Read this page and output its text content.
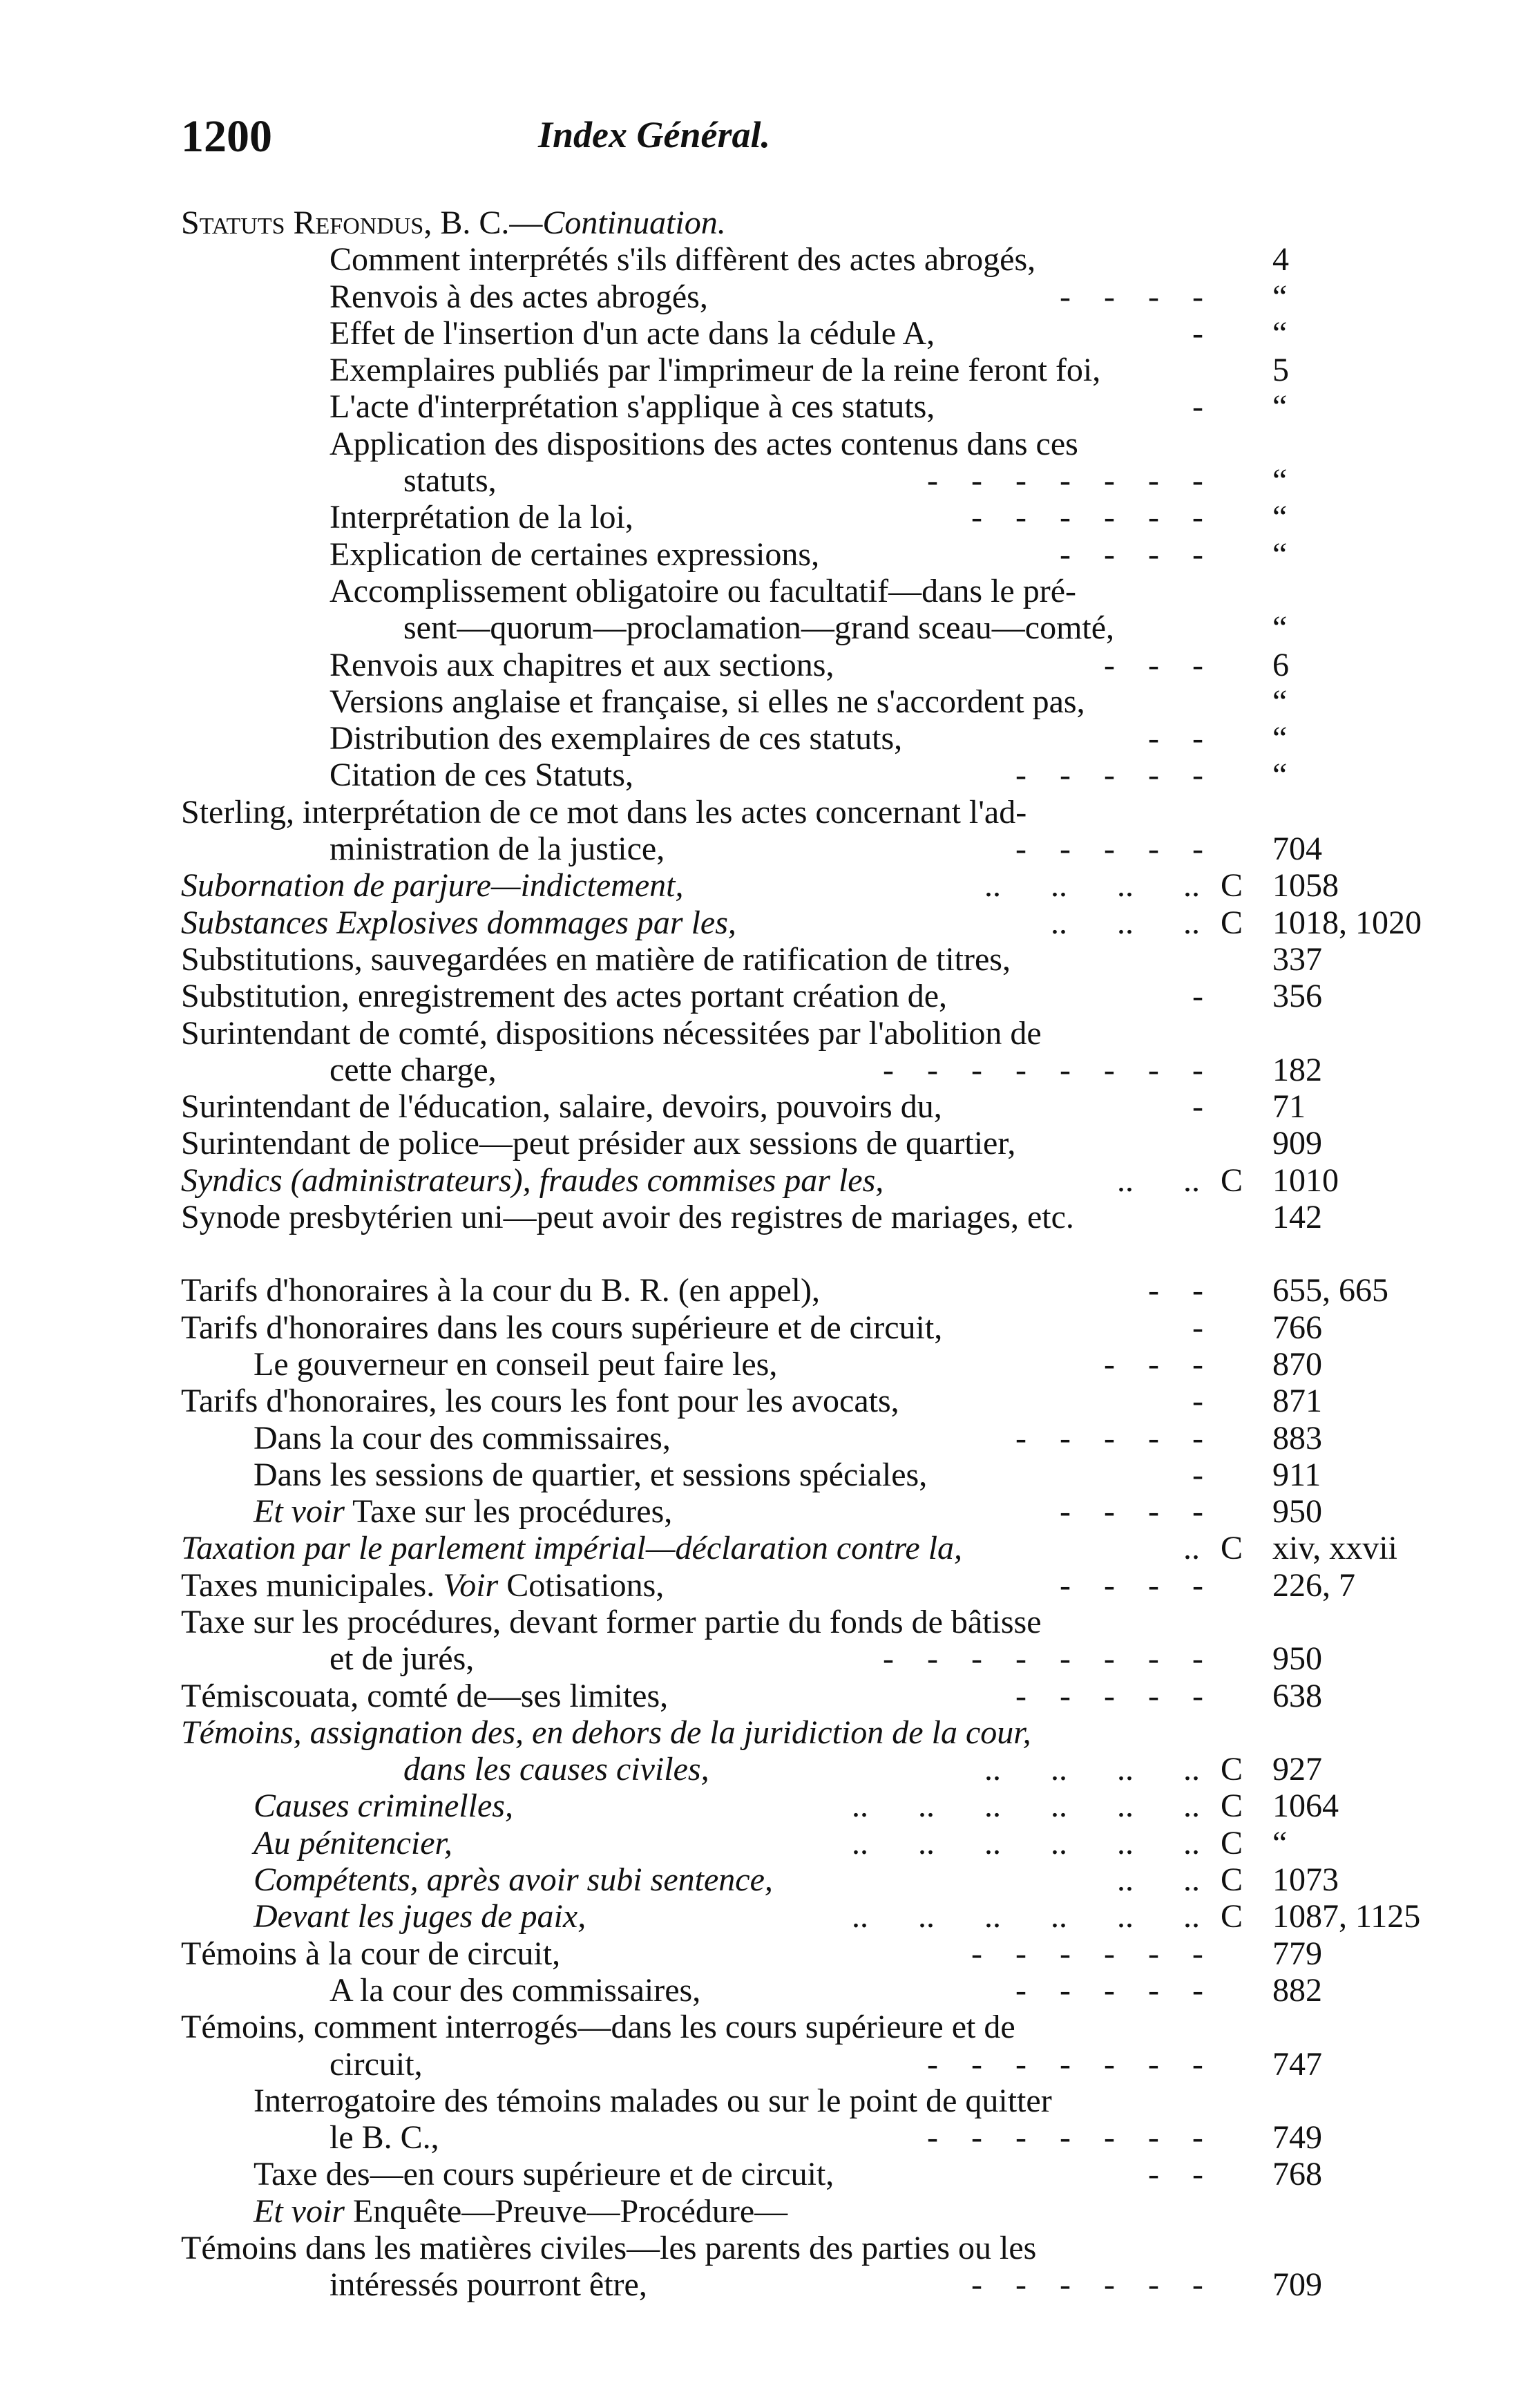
1200	Index Général.
Statuts Refondus, B. C.—Continuation.
Comment interprétés s'ils diffèrent des actes abrogés,	4
Renvois à des actes abrogés,	-    -    -    - “
Effet de l'insertion d'un acte dans la cédule A,	- “
Exemplaires publiés par l'imprimeur de la reine feront foi,	5
L'acte d'interprétation s'applique à ces statuts,	- “
Application des dispositions des actes contenus dans ces
statuts,	-    -    -    -    -    -    - “
Interprétation de la loi,	-    -    -    -    -    - “
Explication de certaines expressions,	-    -    -    - “
Accomplissement obligatoire ou facultatif—dans le pré-
sent—quorum—proclamation—grand sceau—comté,	“
Renvois aux chapitres et aux sections,	-    -    - 6
Versions anglaise et française, si elles ne s'accordent pas,	“
Distribution des exemplaires de ces statuts,	-    - “
Citation de ces Statuts,	-    -    -    -    - “
Sterling, interprétation de ce mot dans les actes concernant l'ad-
ministration de la justice,	-    -    -    -    - 704
Subornation de parjure—indictement,	..      ..      ..      .. C 1058
Substances Explosives dommages par les,	..      ..      .. C 1018, 1020
Substitutions, sauvegardées en matière de ratification de titres,	337
Substitution, enregistrement des actes portant création de,	- 356
Surintendant de comté, dispositions nécessitées par l'abolition de
cette charge,	-    -    -    -    -    -    -    - 182
Surintendant de l'éducation, salaire, devoirs, pouvoirs du,	- 71
Surintendant de police—peut présider aux sessions de quartier,	909
Syndics (administrateurs), fraudes commises par les,	..      .. C 1010
Synode presbytérien uni—peut avoir des registres de mariages, etc.	142
Tarifs d'honoraires à la cour du B. R. (en appel),	-    - 655, 665
Tarifs d'honoraires dans les cours supérieure et de circuit,	- 766
Le gouverneur en conseil peut faire les,	-    -    - 870
Tarifs d'honoraires, les cours les font pour les avocats,	- 871
Dans la cour des commissaires,	-    -    -    -    - 883
Dans les sessions de quartier, et sessions spéciales,	- 911
Et voir Taxe sur les procédures,	-    -    -    - 950
Taxation par le parlement impérial—déclaration contre la,	.. C xiv, xxvii
Taxes municipales. Voir Cotisations,	-    -    -    - 226, 7
Taxe sur les procédures, devant former partie du fonds de bâtisse
et de jurés,	-    -    -    -    -    -    -    - 950
Témiscouata, comté de—ses limites,	-    -    -    -    - 638
Témoins, assignation des, en dehors de la juridiction de la cour,
dans les causes civiles,	..      ..      ..      .. C 927
Causes criminelles,	..      ..      ..      ..      ..      .. C 1064
Au pénitencier,	..      ..      ..      ..      ..      .. C “
Compétents, après avoir subi sentence,	..      .. C 1073
Devant les juges de paix,	..      ..      ..      ..      ..      .. C 1087, 1125
Témoins à la cour de circuit,	-    -    -    -    -    - 779
A la cour des commissaires,	-    -    -    -    - 882
Témoins, comment interrogés—dans les cours supérieure et de
circuit,	-    -    -    -    -    -    - 747
Interrogatoire des témoins malades ou sur le point de quitter
le B. C.,	-    -    -    -    -    -    - 749
Taxe des—en cours supérieure et de circuit,	-    - 768
Et voir Enquête—Preuve—Procédure—
Témoins dans les matières civiles—les parents des parties ou les
intéressés pourront être,	-    -    -    -    -    - 709
